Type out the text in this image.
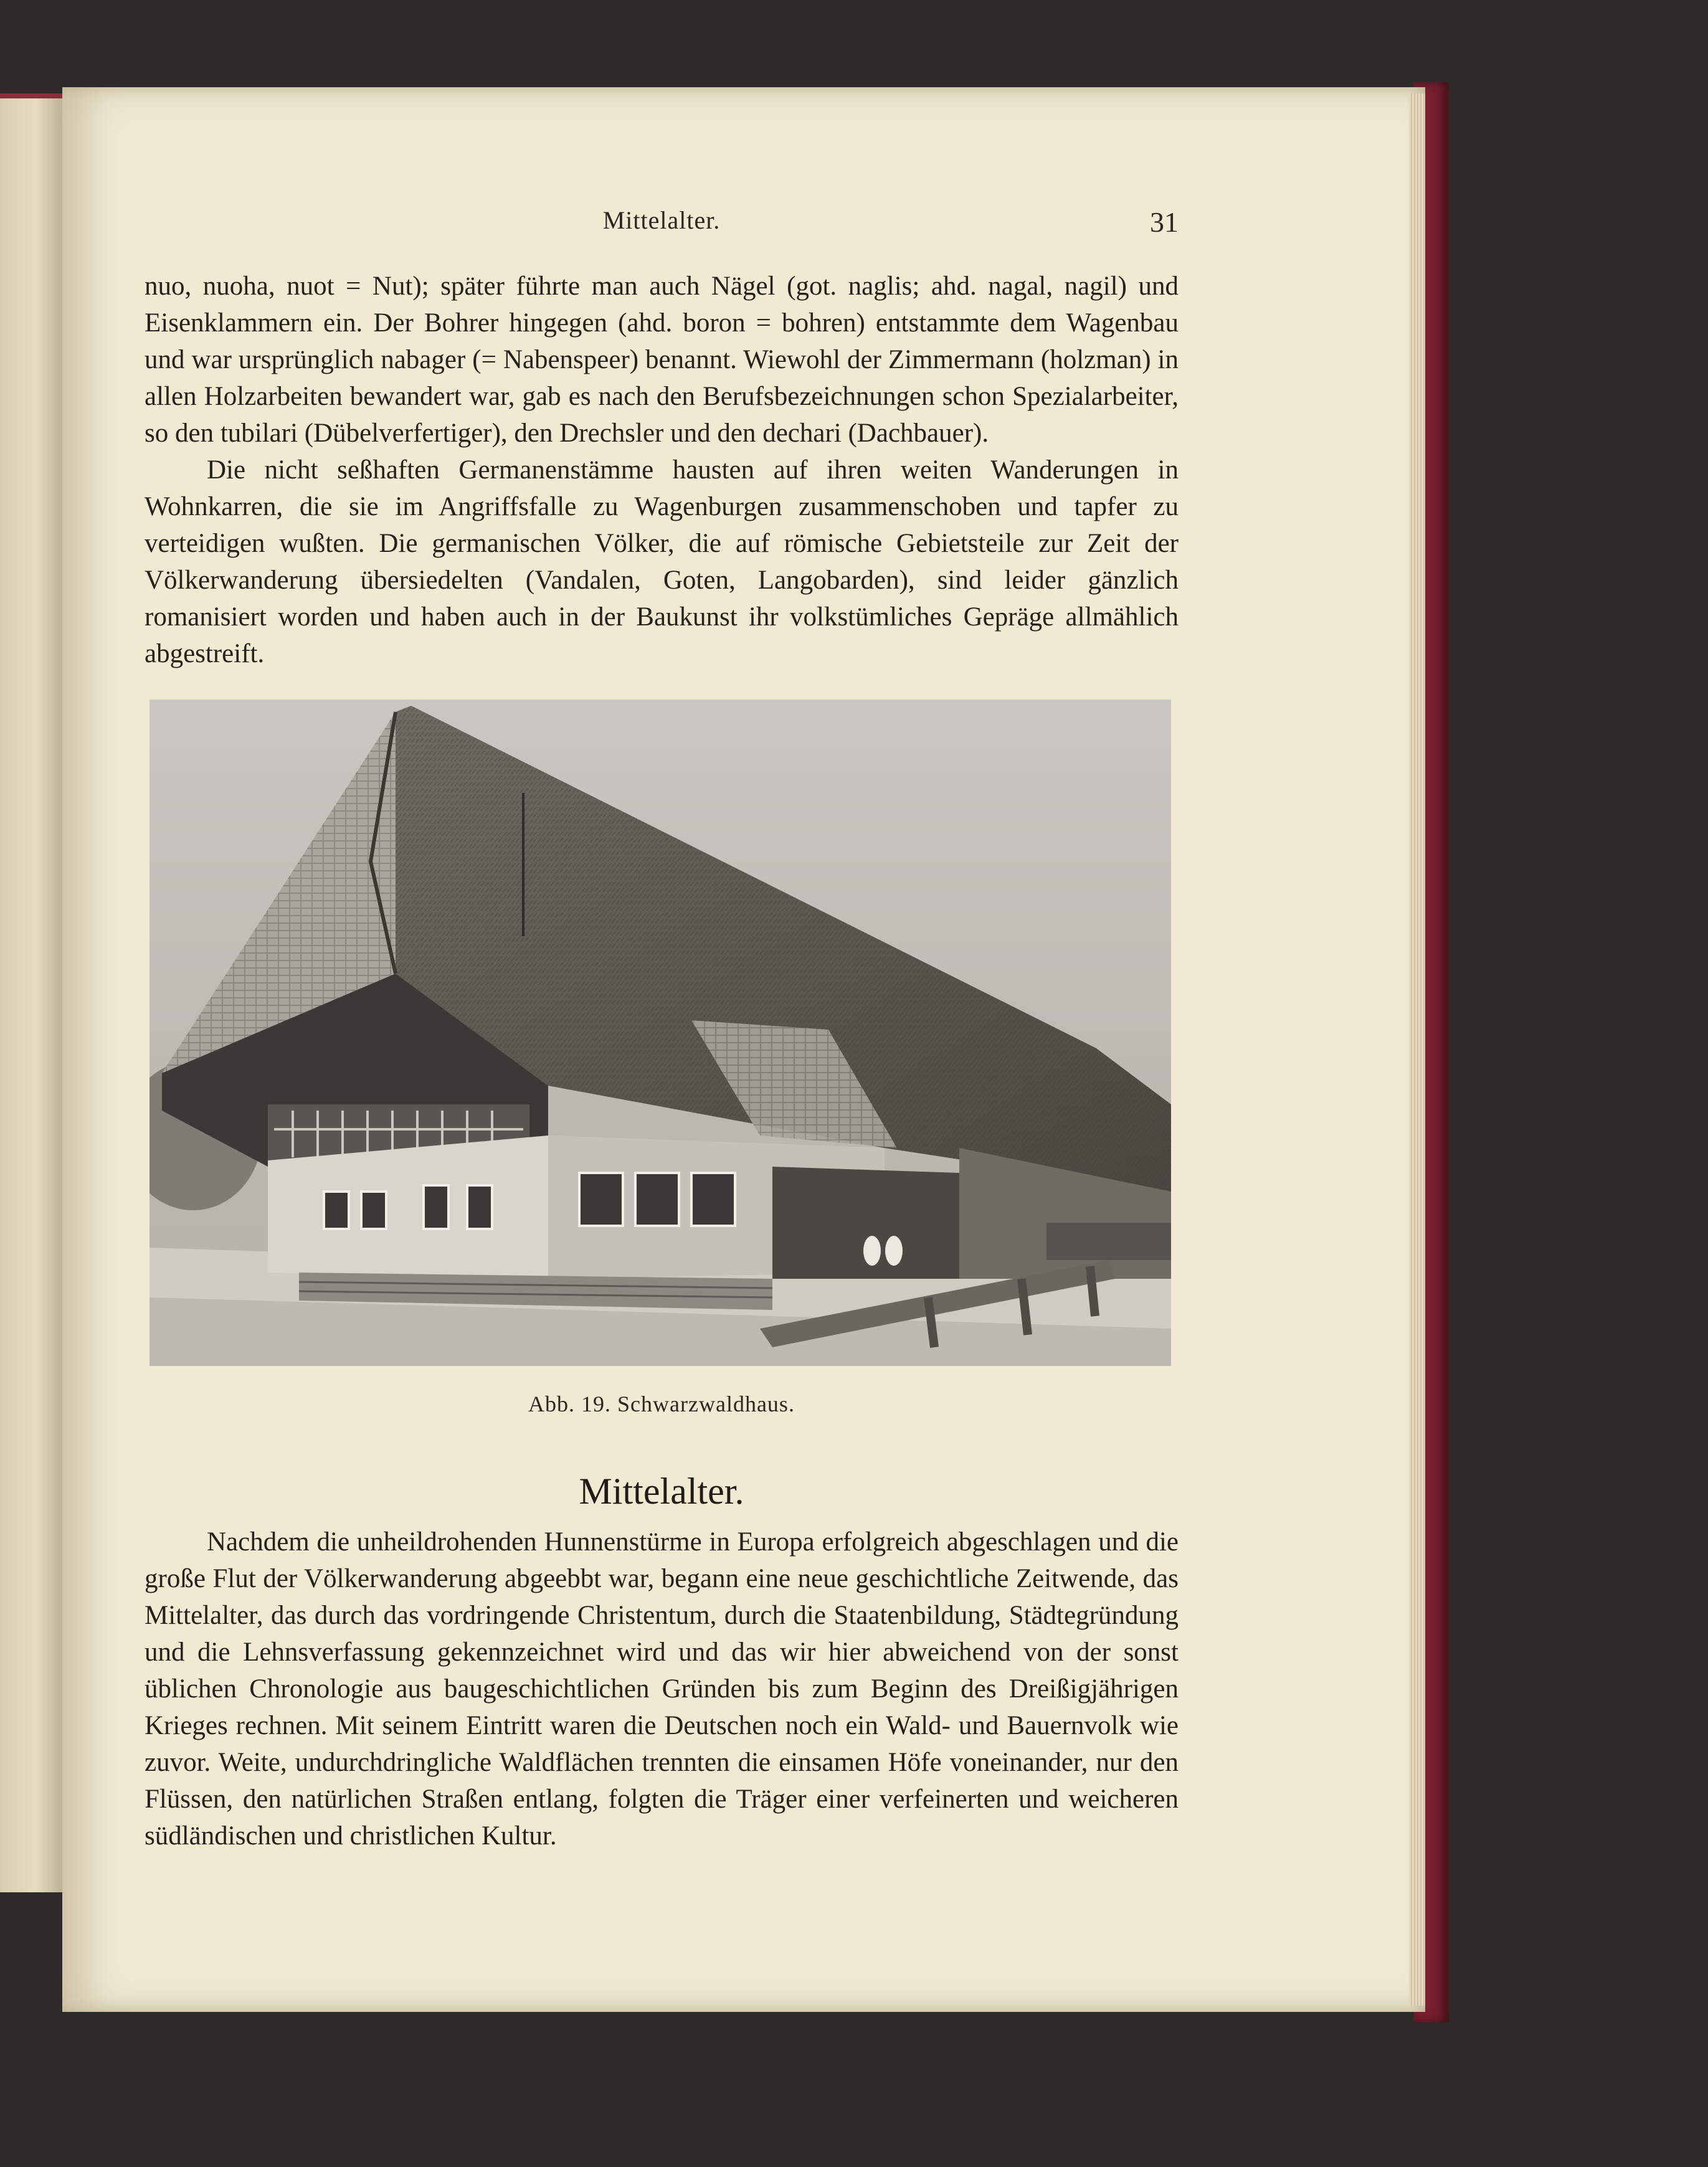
Mittelalter.	31

nuo, nuoha, nuot = Nut); später führte man auch Nägel (got. naglis; ahd. nagal, nagil) und Eisenklammern ein. Der Bohrer hingegen (ahd. boron = bohren) entstammte dem Wagenbau und war ursprünglich nabager (= Nabenspeer) benannt. Wiewohl der Zimmermann (holzman) in allen Holzarbeiten bewandert war, gab es nach den Berufsbezeichnungen schon Spezialarbeiter, so den tubilari (Dübelverfertiger), den Drechsler und den dechari (Dachbauer).

Die nicht seßhaften Germanenstämme hausten auf ihren weiten Wanderungen in Wohnkarren, die sie im Angriffsfalle zu Wagenburgen zusammenschoben und tapfer zu verteidigen wußten. Die germanischen Völker, die auf römische Gebietsteile zur Zeit der Völkerwanderung übersiedelten (Vandalen, Goten, Langobarden), sind leider gänzlich romanisiert worden und haben auch in der Baukunst ihr volkstümliches Gepräge allmählich abgestreift.

Abb. 19. Schwarzwaldhaus.
Mittelalter.

Nachdem die unheildrohenden Hunnenstürme in Europa erfolgreich abgeschlagen und die große Flut der Völkerwanderung abgeebbt war, begann eine neue geschichtliche Zeitwende, das Mittelalter, das durch das vordringende Christentum, durch die Staatenbildung, Städtegründung und die Lehnsverfassung gekennzeichnet wird und das wir hier abweichend von der sonst üblichen Chronologie aus baugeschichtlichen Gründen bis zum Beginn des Dreißigjährigen Krieges rechnen. Mit seinem Eintritt waren die Deutschen noch ein Wald- und Bauernvolk wie zuvor. Weite, undurchdringliche Waldflächen trennten die einsamen Höfe voneinander, nur den Flüssen, den natürlichen Straßen entlang, folgten die Träger einer verfeinerten und weicheren südländischen und christlichen Kultur.
